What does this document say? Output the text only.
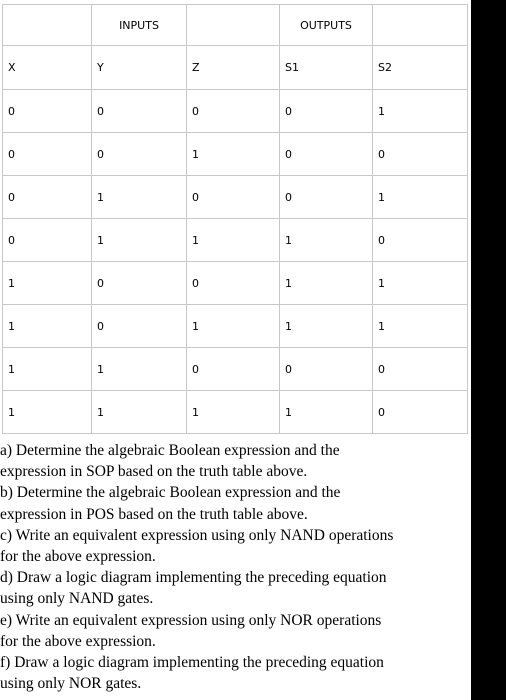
	INPUTS		OUTPUTS	
X	Y	Z	S1	S2
0	0	0	0	1
0	0	1	0	0
0	1	0	0	1
0	1	1	1	0
1	0	0	1	1
1	0	1	1	1
1	1	0	0	0
1	1	1	1	0

a) Determine the algebraic Boolean expression and the

expression in SOP based on the truth table above.

b) Determine the algebraic Boolean expression and the

expression in POS based on the truth table above.

c) Write an equivalent expression using only NAND operations

for the above expression.

d) Draw a logic diagram implementing the preceding equation

using only NAND gates.

e) Write an equivalent expression using only NOR operations

for the above expression.

f) Draw a logic diagram implementing the preceding equation

using only NOR gates.
